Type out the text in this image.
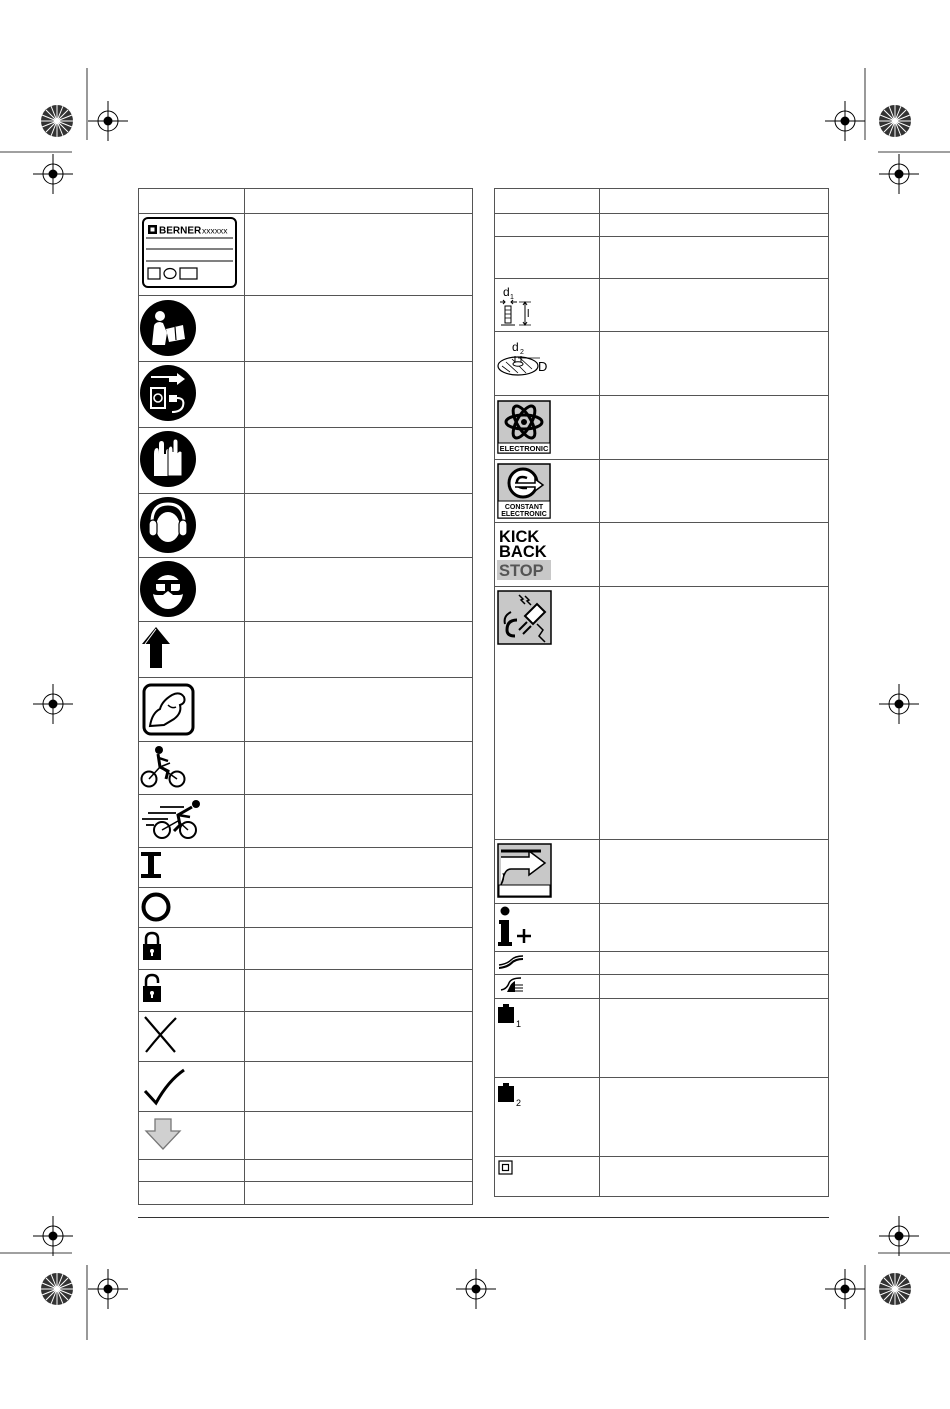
BERNER xxxxxx
d 1
l
d 2
D
ELECTRONIC
CONSTANT
ELECTRONIC
KICK
BACK
STOP
1
2
